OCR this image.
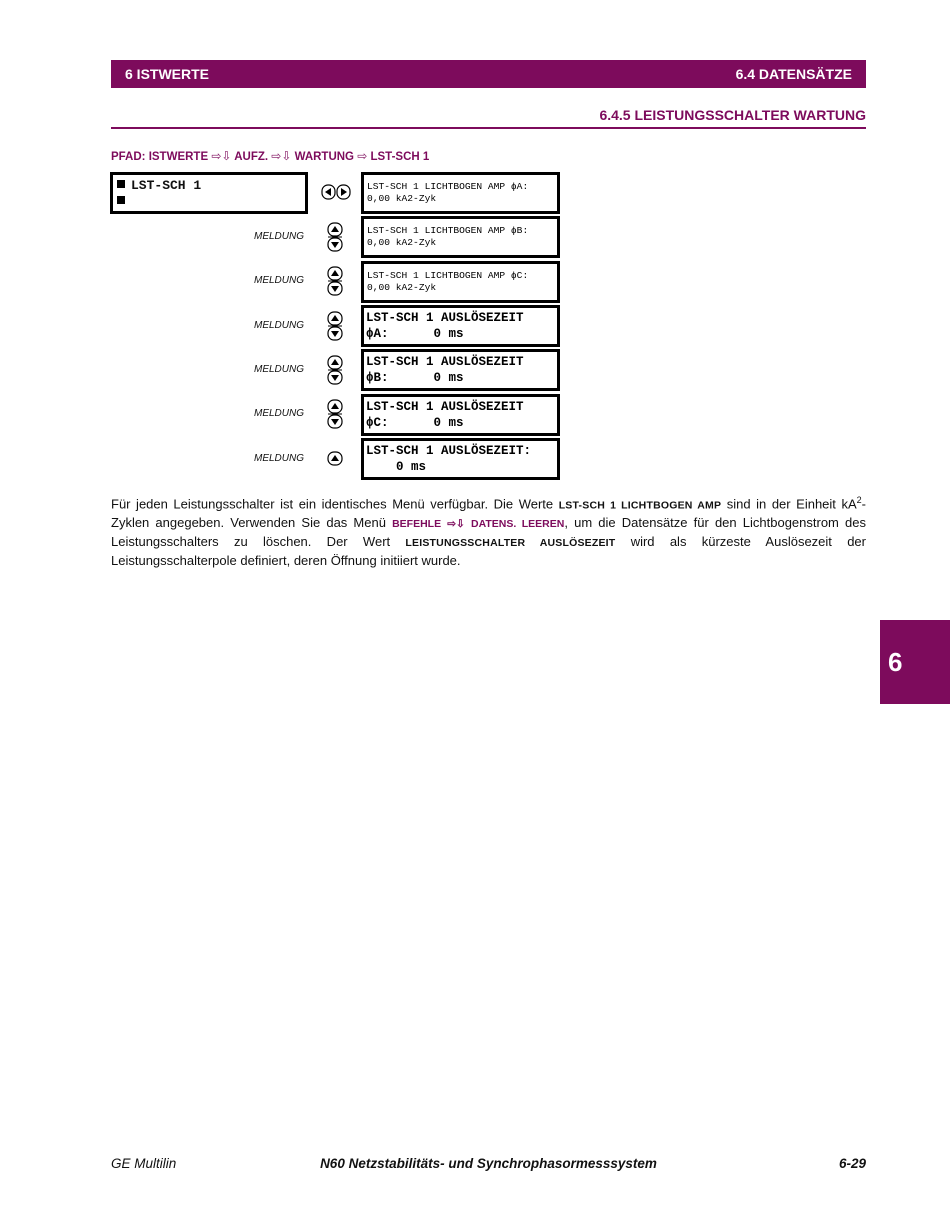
6 ISTWERTE	6.4 DATENSÄTZE
6.4.5 LEISTUNGSSCHALTER WARTUNG
PFAD: ISTWERTE ⇨⇩ AUFZ. ⇨⇩ WARTUNG ⇨ LST-SCH 1
LST-SCH 1	LST-SCH 1 LICHTBOGEN AMP ϕA:
0,00 kA2-Zyk
MELDUNG
LST-SCH 1 LICHTBOGEN AMP ϕB:
0,00 kA2-Zyk
MELDUNG	LST-SCH 1 LICHTBOGEN AMP ϕC:
0,00 kA2-Zyk
MELDUNG
LST-SCH 1 AUSLÖSEZEIT
ϕA:      0 ms
MELDUNG
LST-SCH 1 AUSLÖSEZEIT
ϕB:      0 ms
MELDUNG	LST-SCH 1 AUSLÖSEZEIT
ϕC:      0 ms
MELDUNG
LST-SCH 1 AUSLÖSEZEIT:
0 ms
Für jeden Leistungsschalter ist ein identisches Menü verfügbar. Die Werte LST-SCH 1 LICHTBOGEN AMP sind in der Einheit $kA^2$-Zyklen angegeben. Verwenden Sie das Menü BEFEHLE ⇨⇩ DATENS. LEEREN, um die Datensätze für den Lichtbogenstrom des Leistungsschalters zu löschen. Der Wert LEISTUNGSSCHALTER AUSLÖSEZEIT wird als kürzeste Auslösezeit der Leistungsschalterpole definiert, deren Öffnung initiiert wurde.
6
GE Multilin	N60 Netzstabilitäts- und Synchrophasormesssystem	6-29
